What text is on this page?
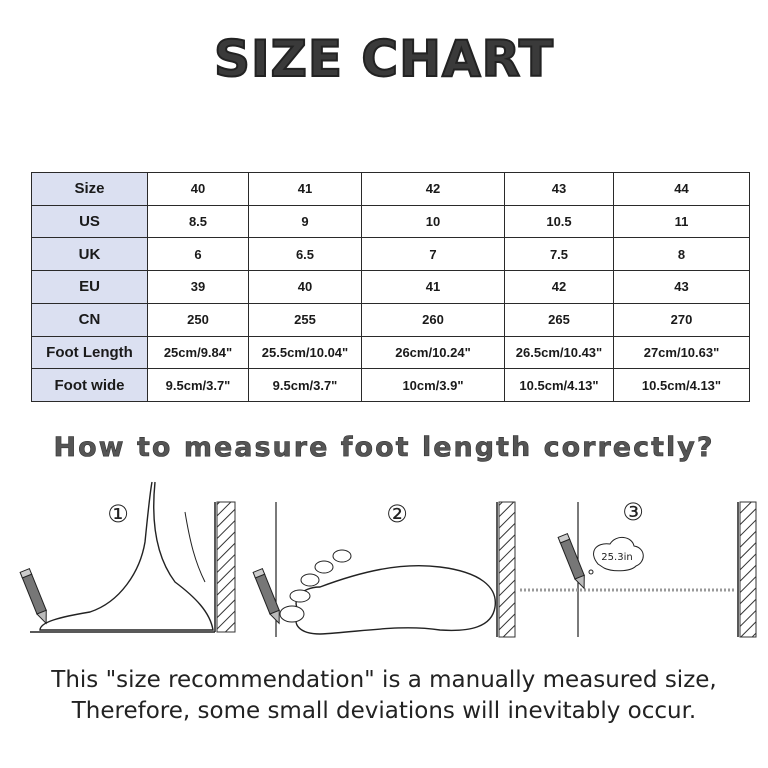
SIZE CHART
Size	40	41	42	43	44
US	8.5	9	10	10.5	11
UK	6	6.5	7	7.5	8
EU	39	40	41	42	43
CN	250	255	260	265	270
Foot Length	25cm/9.84"	25.5cm/10.04"	26cm/10.24"	26.5cm/10.43"	27cm/10.63"
Foot wide	9.5cm/3.7"	9.5cm/3.7"	10cm/3.9"	10.5cm/4.13"	10.5cm/4.13"
How to measure foot length correctly?
①	②
25.3in
③
This "size recommendation" is a manually measured size,
Therefore, some small deviations will inevitably occur.
